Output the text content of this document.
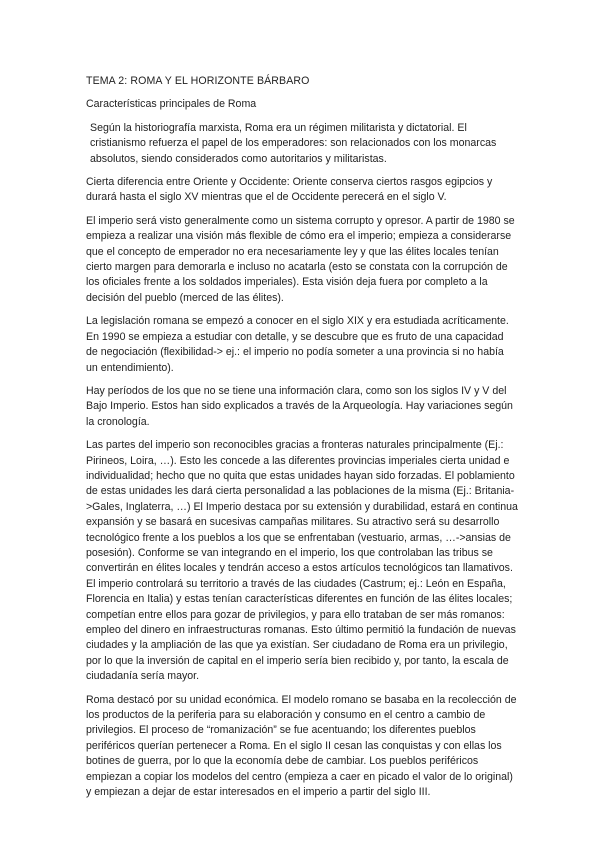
TEMA 2: ROMA Y EL HORIZONTE BÁRBARO

Características principales de Roma

Según la historiografía marxista, Roma era un régimen militarista y dictatorial. El cristianismo refuerza el papel de los emperadores: son relacionados con los monarcas absolutos, siendo considerados como autoritarios y militaristas.

Cierta diferencia entre Oriente y Occidente: Oriente conserva ciertos rasgos egipcios y durará hasta el siglo XV mientras que el de Occidente perecerá en el siglo V.

El imperio será visto generalmente como un sistema corrupto y opresor. A partir de 1980 se empieza a realizar una visión más flexible de cómo era el imperio; empieza a considerarse que el concepto de emperador no era necesariamente ley y que las élites locales tenían cierto margen para demorarla e incluso no acatarla (esto se constata con la corrupción de los oficiales frente a los soldados imperiales). Esta visión deja fuera por completo a la decisión del pueblo (merced de las élites).

La legislación romana se empezó a conocer en el siglo XIX y era estudiada acríticamente. En 1990 se empieza a estudiar con detalle, y se descubre que es fruto de una capacidad de negociación (flexibilidad-> ej.: el imperio no podía someter a una provincia si no había un entendimiento).

Hay períodos de los que no se tiene una información clara, como son los siglos IV y V del Bajo Imperio. Estos han sido explicados a través de la Arqueología. Hay variaciones según la cronología.

Las partes del imperio son reconocibles gracias a fronteras naturales principalmente (Ej.: Pirineos, Loira, …). Esto les concede a las diferentes provincias imperiales cierta unidad e individualidad; hecho que no quita que estas unidades hayan sido forzadas. El poblamiento de estas unidades les dará cierta personalidad a las poblaciones de la misma (Ej.: Britania->Gales, Inglaterra, …) El Imperio destaca por su extensión y durabilidad, estará en continua expansión y se basará en sucesivas campañas militares. Su atractivo será su desarrollo tecnológico frente a los pueblos a los que se enfrentaban (vestuario, armas, …->ansias de posesión). Conforme se van integrando en el imperio, los que controlaban las tribus se convertirán en élites locales y tendrán acceso a estos artículos tecnológicos tan llamativos. El imperio controlará su territorio a través de las ciudades (Castrum; ej.: León en España, Florencia en Italia) y estas tenían características diferentes en función de las élites locales; competían entre ellos para gozar de privilegios, y para ello trataban de ser más romanos: empleo del dinero en infraestructuras romanas. Esto último permitió la fundación de nuevas ciudades y la ampliación de las que ya existían. Ser ciudadano de Roma era un privilegio, por lo que la inversión de capital en el imperio sería bien recibido y, por tanto, la escala de ciudadanía sería mayor.

Roma destacó por su unidad económica. El modelo romano se basaba en la recolección de los productos de la periferia para su elaboración y consumo en el centro a cambio de privilegios. El proceso de “romanización” se fue acentuando; los diferentes pueblos periféricos querían pertenecer a Roma. En el siglo II cesan las conquistas y con ellas los botines de guerra, por lo que la economía debe de cambiar. Los pueblos periféricos empiezan a copiar los modelos del centro (empieza a caer en picado el valor de lo original) y empiezan a dejar de estar interesados en el imperio a partir del siglo III.
